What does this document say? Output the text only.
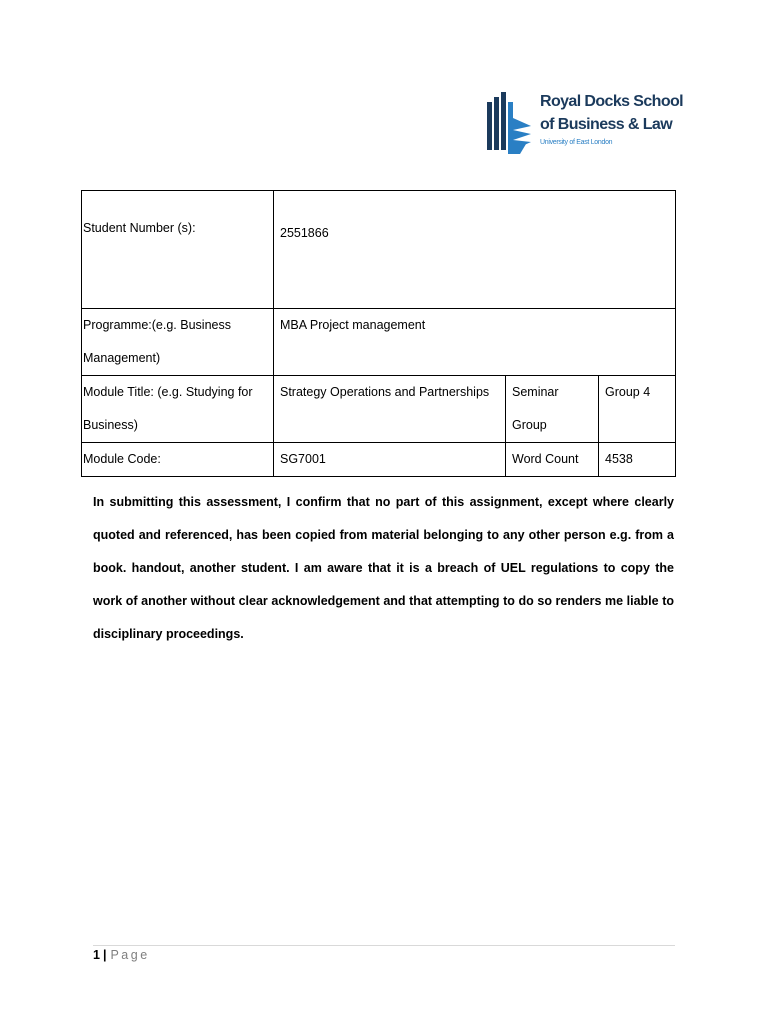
Royal Docks School
of Business & Law
University of East London
Student Number (s):	2551866		
Programme:(e.g. Business Management)	MBA Project management		
Module Title: (e.g. Studying for Business)	Strategy Operations and Partnerships	Seminar Group	Group 4
Module Code:	SG7001	Word Count	4538
In submitting this assessment, I confirm that no part of this assignment, except where clearly quoted and referenced, has been copied from material belonging to any other person e.g. from a book. handout, another student. I am aware that it is a breach of UEL regulations to copy the work of another without clear acknowledgement and that attempting to do so renders me liable to disciplinary proceedings.
1 | Page
